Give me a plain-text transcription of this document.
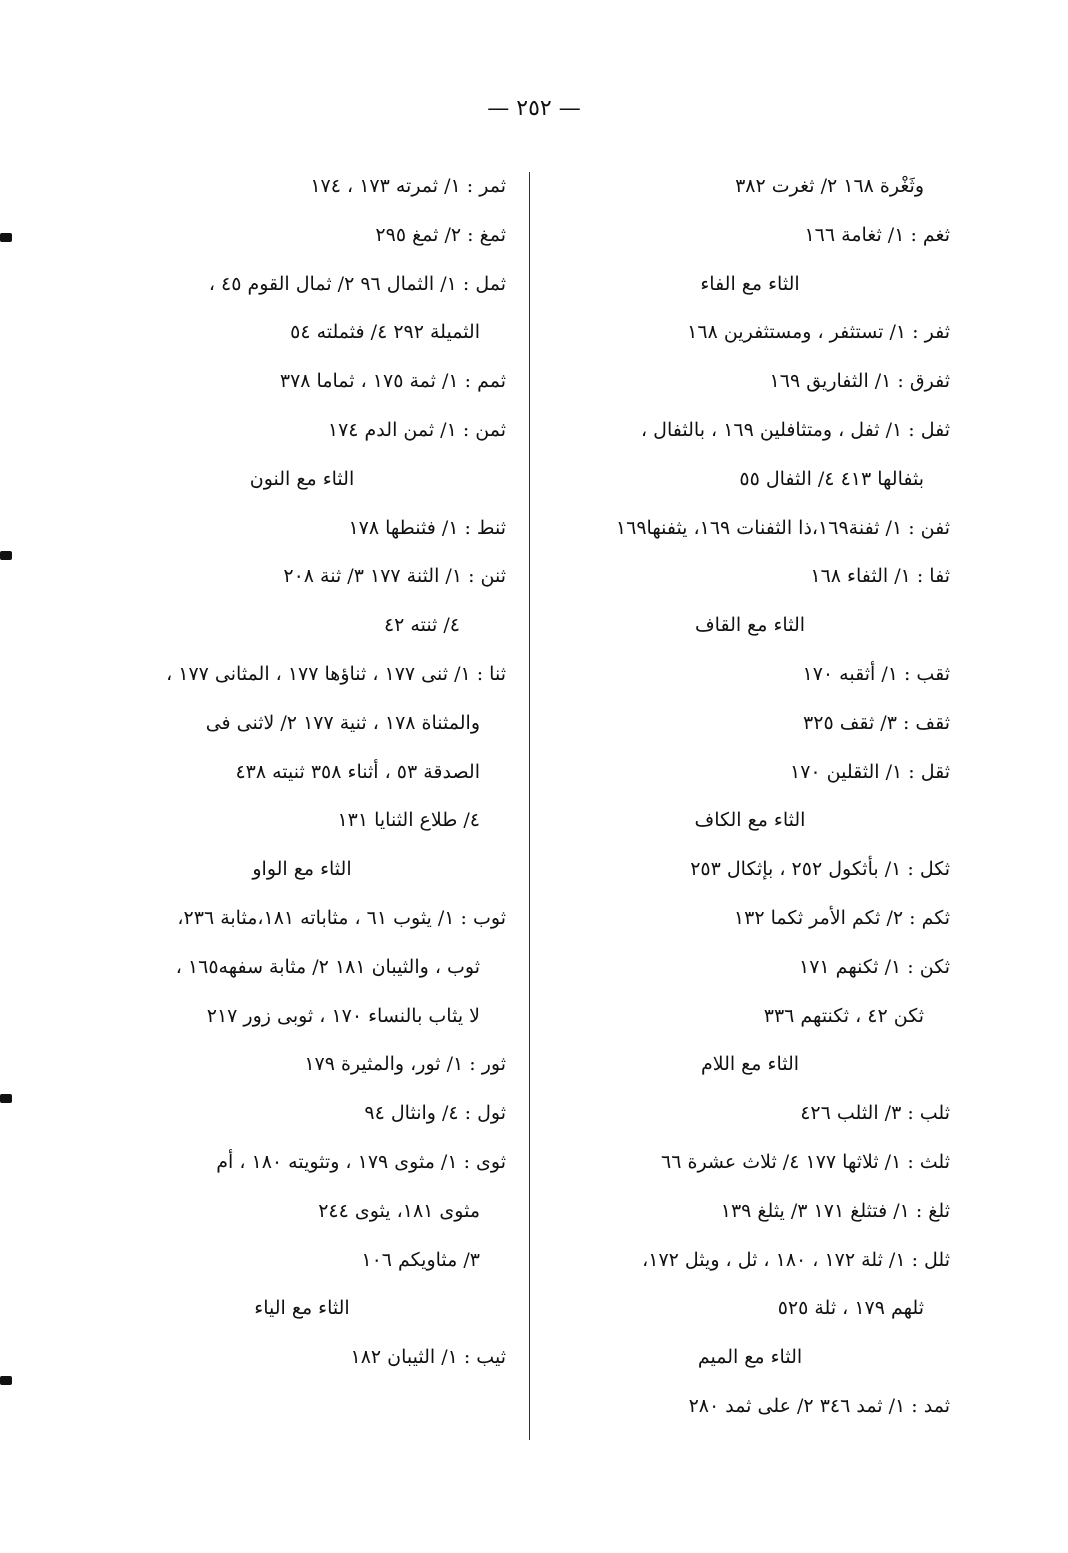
— ٢٥٢ —
وثَغْرة ١٦٨ ٢/ ثغرت ٣٨٢
ثغم : ١/ ثغامة ١٦٦
الثاء مع الفاء
ثفر : ١/ تستثفر ، ومستثفرين ١٦٨
ثفرق : ١/ الثفاريق ١٦٩
ثفل : ١/ ثفل ، ومتثافلين ١٦٩ ، بالثفال ،
بثفالها ٤١٣ ٤/ الثفال ٥٥
ثفن : ١/ ثفنة١٦٩،ذا الثفنات ١٦٩، يثفنها١٦٩
ثفا : ١/ الثفاء ١٦٨
الثاء مع القاف
ثقب : ١/ أثقبه ١٧٠
ثقف : ٣/ ثقف ٣٢٥
ثقل : ١/ الثقلين ١٧٠
الثاء مع الكاف
ثكل : ١/ بأثكول ٢٥٢ ، بإثكال ٢٥٣
ثكم : ٢/ ثكم الأمر ثكما ١٣٢
ثكن : ١/ ثكنهم ١٧١
ثكن ٤٢ ، ثكنتهم ٣٣٦
الثاء مع اللام
ثلب : ٣/ الثلب ٤٢٦
ثلث : ١/ ثلاثها ١٧٧ ٤/ ثلاث عشرة ٦٦
ثلغ : ١/ فتثلغ ١٧١ ٣/ يثلغ ١٣٩
ثلل : ١/ ثلة ١٧٢ ، ١٨٠ ، ثل ، ويثل ١٧٢،
ثلهم ١٧٩ ، ثلة ٥٢٥
الثاء مع الميم
ثمد : ١/ ثمد ٣٤٦ ٢/ على ثمد ٢٨٠
ثمر : ١/ ثمرته ١٧٣ ، ١٧٤
ثمغ : ٢/ ثمغ ٢٩٥
ثمل : ١/ الثمال ٩٦ ٢/ ثمال القوم ٤٥ ،
الثميلة ٢٩٢ ٤/ فثملته ٥٤
ثمم : ١/ ثمة ١٧٥ ، ثماما ٣٧٨
ثمن : ١/ ثمن الدم ١٧٤
الثاء مع النون
ثنط : ١/ فثنطها ١٧٨
ثنن : ١/ الثنة ١٧٧ ٣/ ثنة ٢٠٨
٤/ ثنته ٤٢
ثنا : ١/ ثنى ١٧٧ ، ثناؤها ١٧٧ ، المثانى ١٧٧ ،
والمثناة ١٧٨ ، ثنية ١٧٧ ٢/ لاثنى فى
الصدقة ٥٣ ، أثناء ٣٥٨ ثنيته ٤٣٨
٤/ طلاع الثنايا ١٣١
الثاء مع الواو
ثوب : ١/ يثوب ٦١ ، مثاباته ١٨١،مثابة ٢٣٦،
ثوب ، والثيبان ١٨١ ٢/ مثابة سفهه١٦٥ ،
لا يثاب بالنساء ١٧٠ ، ثوبى زور ٢١٧
ثور : ١/ ثور، والمثيرة ١٧٩
ثول : ٤/ وانثال ٩٤
ثوى : ١/ مثوى ١٧٩ ، وتثويته ١٨٠ ، أم
مثوى ١٨١، يثوى ٢٤٤
٣/ مثاويكم ١٠٦
الثاء مع الياء
ثيب : ١/ الثيبان ١٨٢
